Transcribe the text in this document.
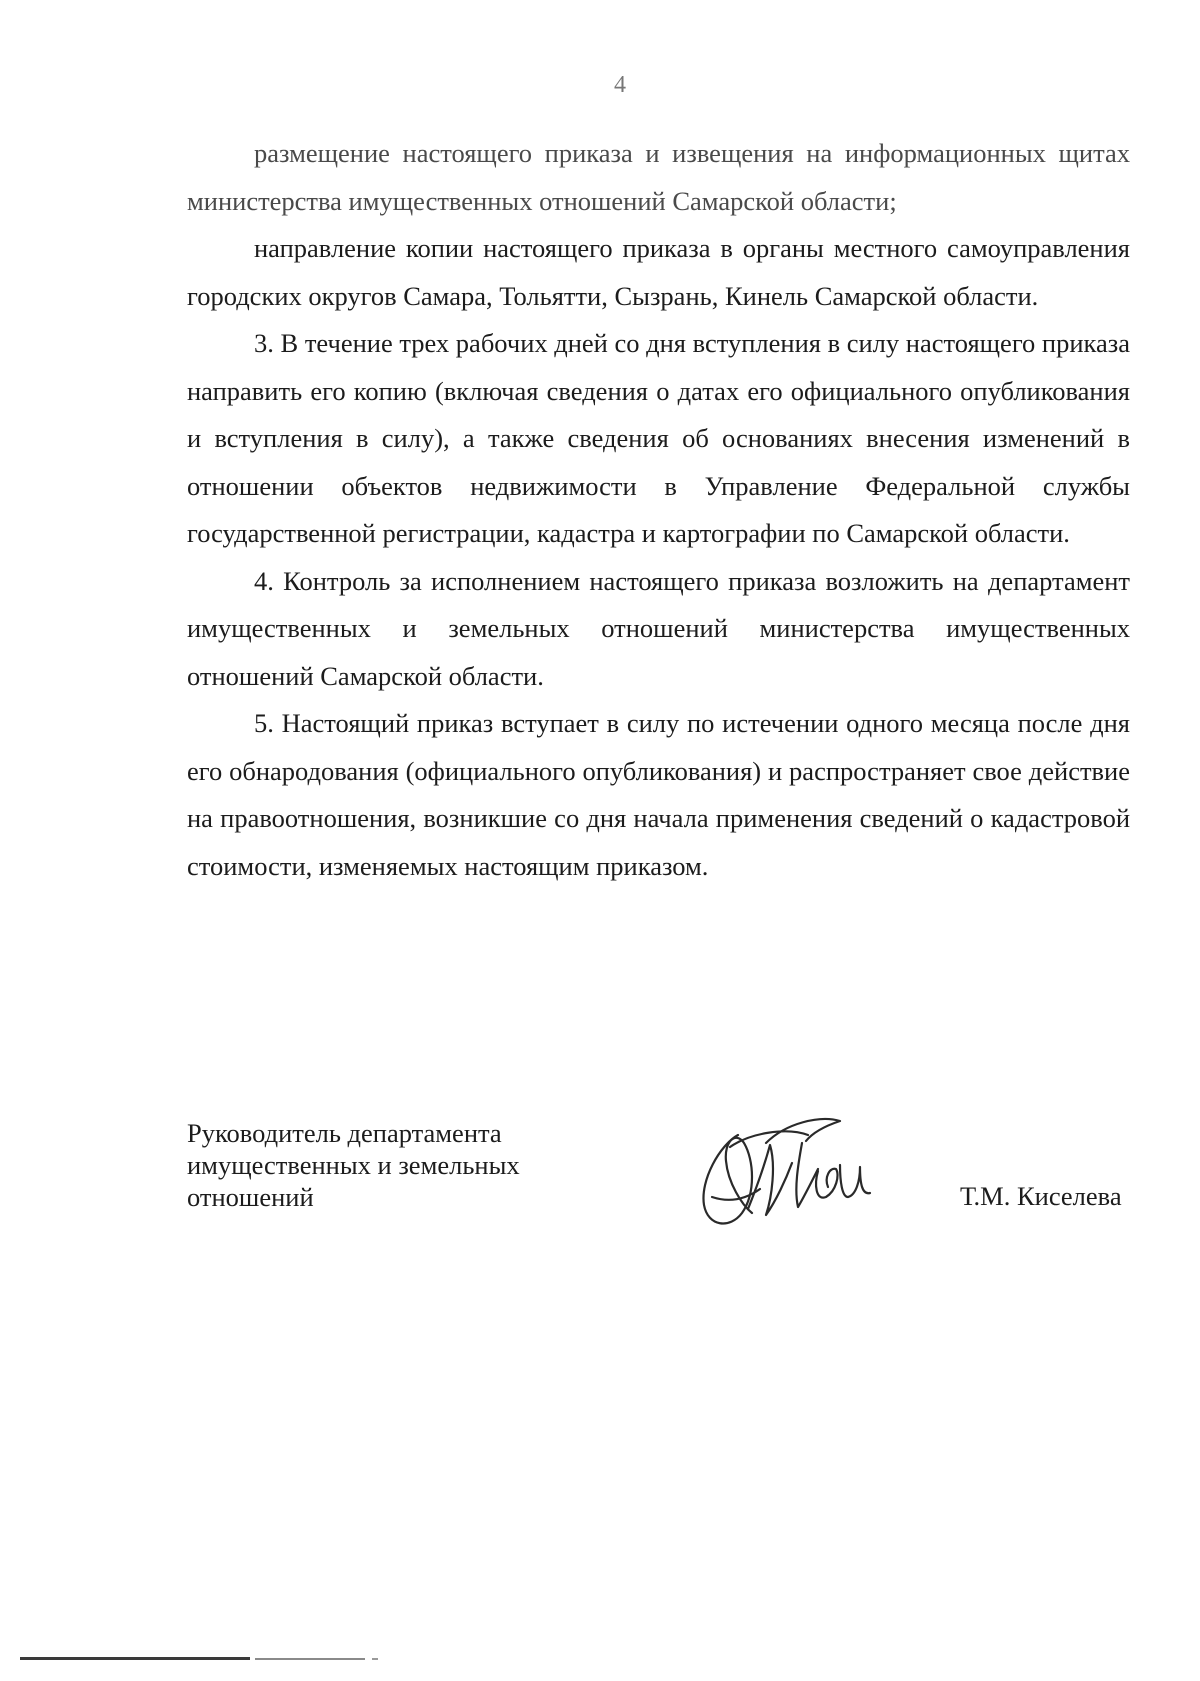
4

размещение настоящего приказа и извещения на информационных щитах министерства имущественных отношений Самарской области;

направление копии настоящего приказа в органы местного самоуправления городских округов Самара, Тольятти, Сызрань, Кинель Самарской области.

3. В течение трех рабочих дней со дня вступления в силу настоящего приказа направить его копию (включая сведения о датах его официального опубликования и вступления в силу), а также сведения об основаниях внесения изменений в отношении объектов недвижимости в Управление Федеральной службы государственной регистрации, кадастра и картографии по Самарской области.

4. Контроль за исполнением настоящего приказа возложить на департамент имущественных и земельных отношений министерства имущественных отношений Самарской области.

5. Настоящий приказ вступает в силу по истечении одного месяца после дня его обнародования (официального опубликования) и распространяет свое действие на правоотношения, возникшие со дня начала применения сведений о кадастровой стоимости, изменяемых настоящим приказом.

Руководитель департамента
имущественных и земельных
отношений	Т.М. Киселева
